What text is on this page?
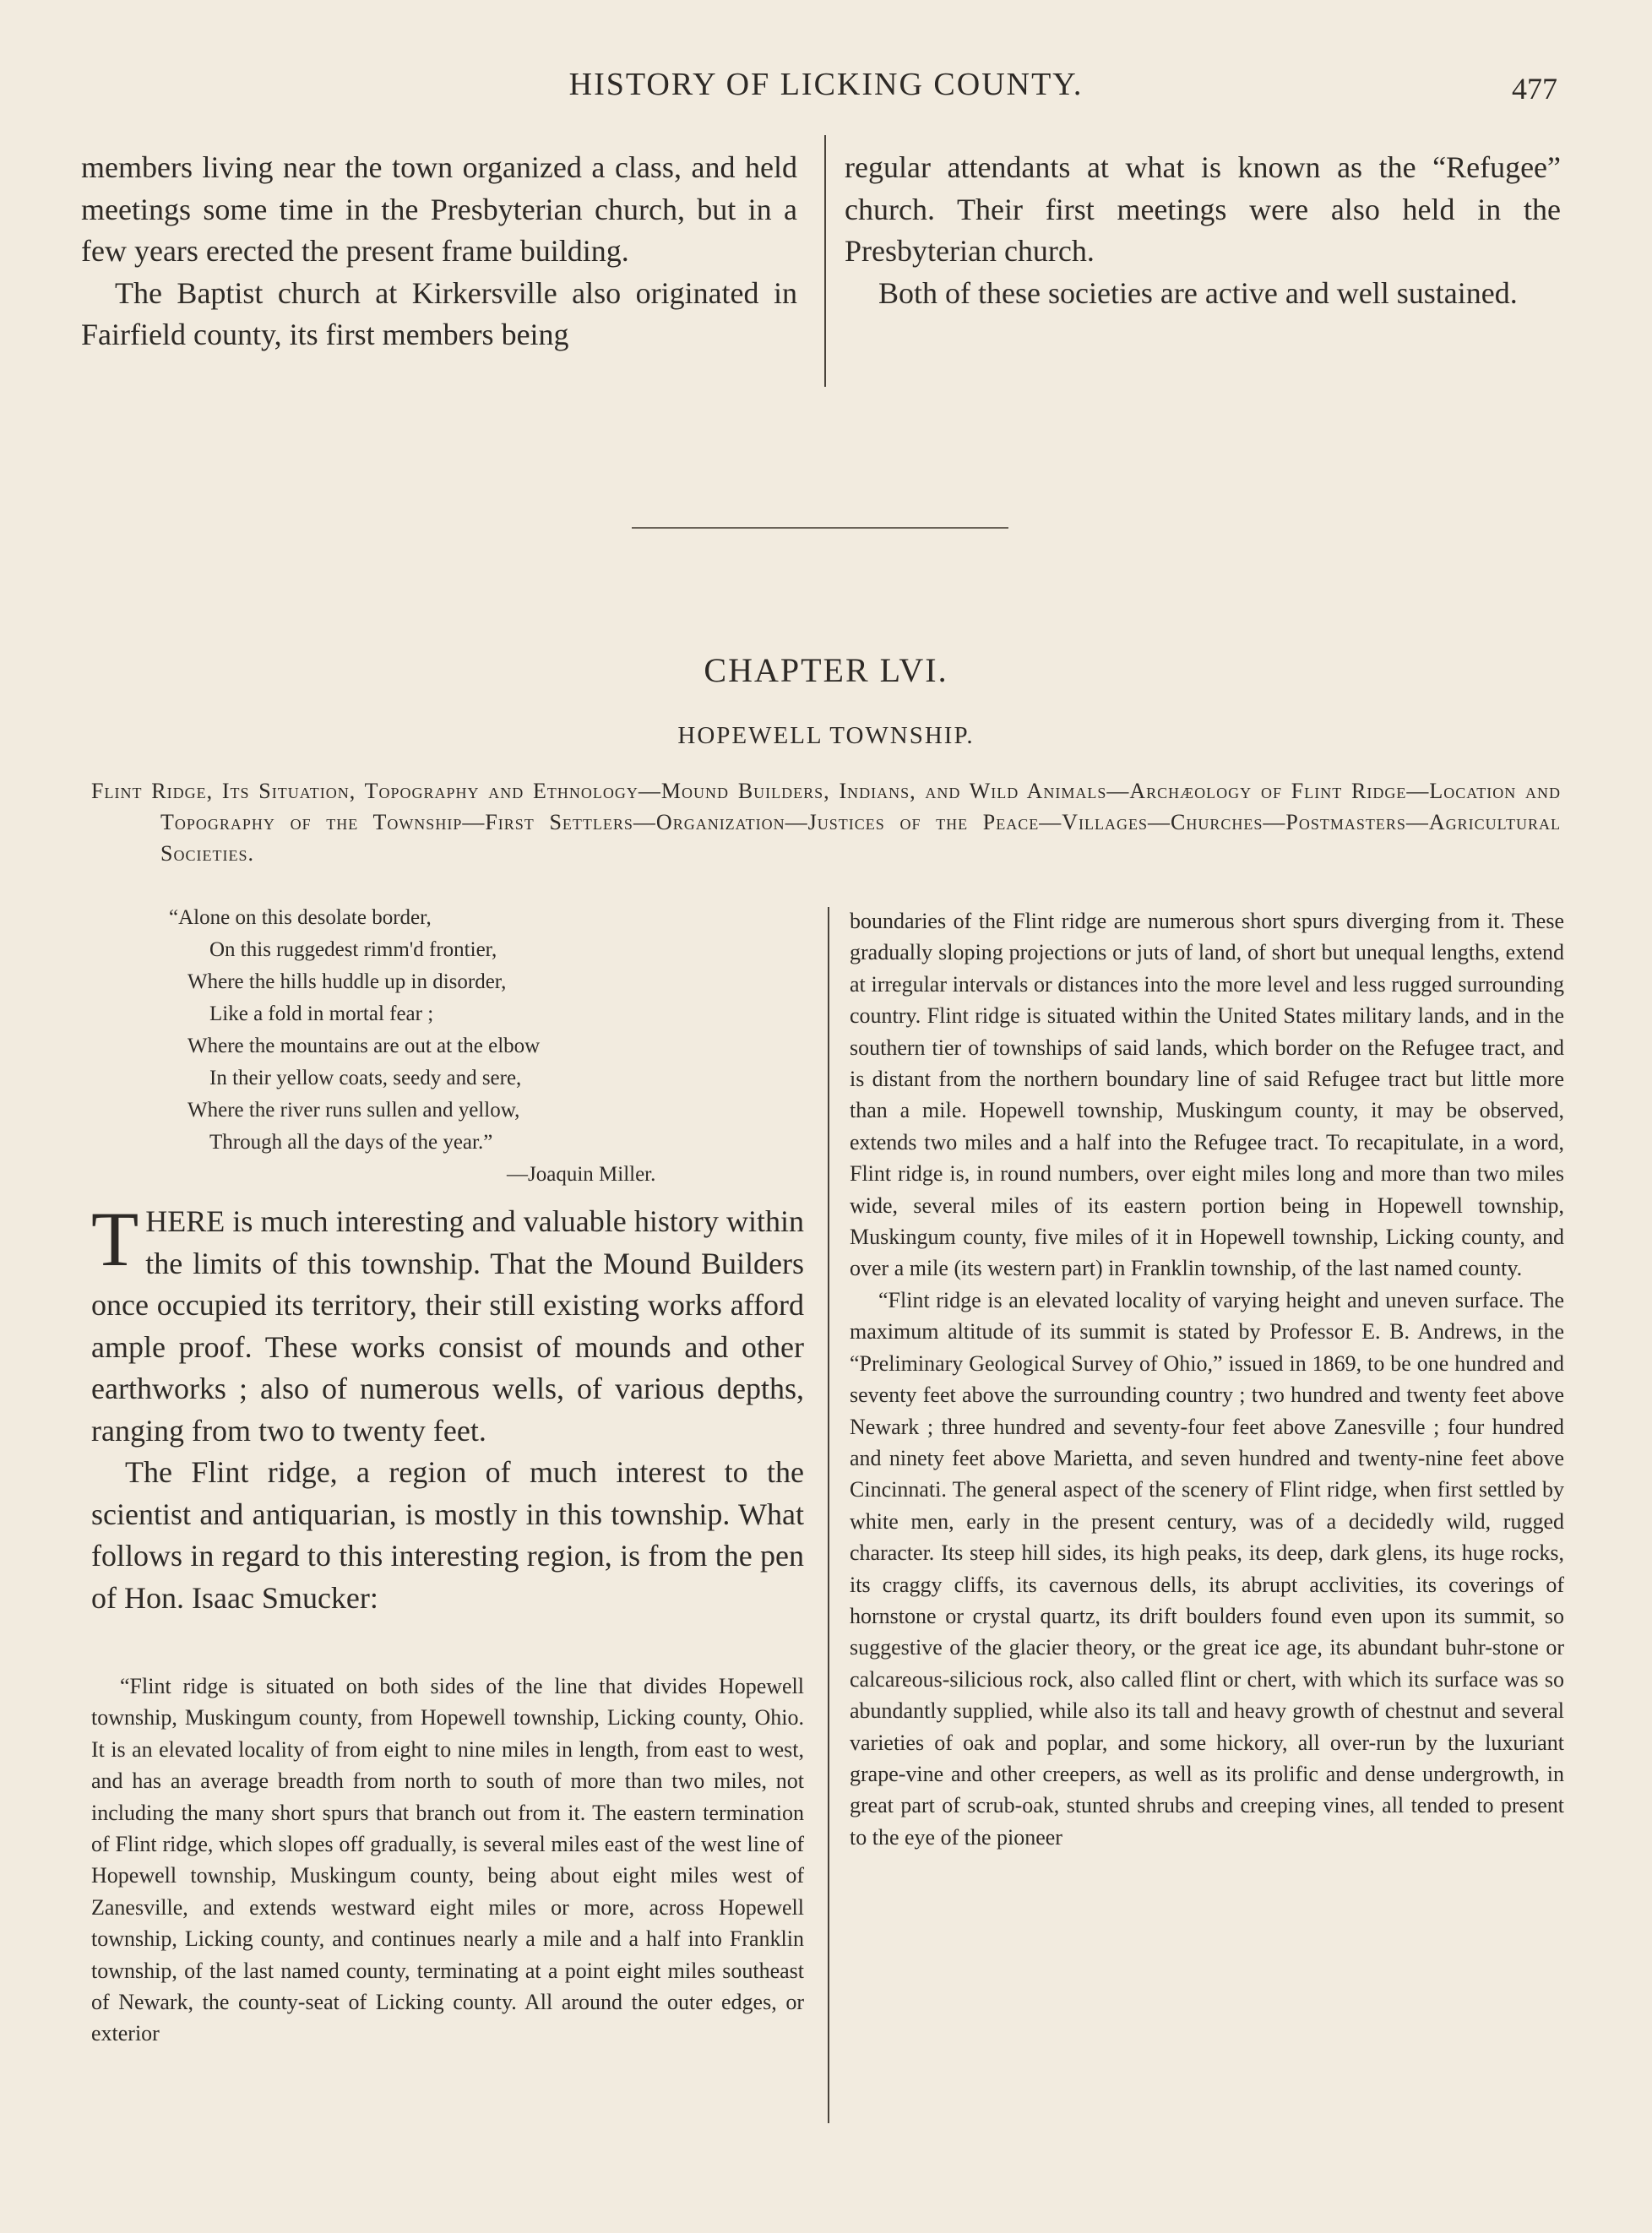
HISTORY OF LICKING COUNTY.	477

members living near the town organized a class, and held meetings some time in the Presbyterian church, but in a few years erected the present frame building.

The Baptist church at Kirkersville also originated in Fairfield county, its first members being

regular attendants at what is known as the “Refugee” church. Their first meetings were also held in the Presbyterian church.

Both of these societies are active and well sustained.

CHAPTER LVI.
HOPEWELL TOWNSHIP.

Flint Ridge, Its Situation, Topography and Ethnology—Mound Builders, Indians, and Wild Animals—Archæology of Flint Ridge—Location and Topography of the Township—First Settlers—Organization—Justices of the Peace—Villages—Churches—Postmasters—Agricultural Societies.

“Alone on this desolate border,
On this ruggedest rimm'd frontier,
Where the hills huddle up in disorder,
Like a fold in mortal fear ;
Where the mountains are out at the elbow
In their yellow coats, seedy and sere,
Where the river runs sullen and yellow,
Through all the days of the year.”
—Joaquin Miller.

THERE is much interesting and valuable history within the limits of this township. That the Mound Builders once occupied its territory, their still existing works afford ample proof. These works consist of mounds and other earthworks ; also of numerous wells, of various depths, ranging from two to twenty feet.

The Flint ridge, a region of much interest to the scientist and antiquarian, is mostly in this township. What follows in regard to this interesting region, is from the pen of Hon. Isaac Smucker:

“Flint ridge is situated on both sides of the line that divides Hopewell township, Muskingum county, from Hopewell township, Licking county, Ohio. It is an elevated locality of from eight to nine miles in length, from east to west, and has an average breadth from north to south of more than two miles, not including the many short spurs that branch out from it. The eastern termination of Flint ridge, which slopes off gradually, is several miles east of the west line of Hopewell township, Muskingum county, being about eight miles west of Zanesville, and extends westward eight miles or more, across Hopewell township, Licking county, and continues nearly a mile and a half into Franklin township, of the last named county, terminating at a point eight miles southeast of Newark, the county-seat of Licking county. All around the outer edges, or exterior

boundaries of the Flint ridge are numerous short spurs diverging from it. These gradually sloping projections or juts of land, of short but unequal lengths, extend at irregular intervals or distances into the more level and less rugged surrounding country. Flint ridge is situated within the United States military lands, and in the southern tier of townships of said lands, which border on the Refugee tract, and is distant from the northern boundary line of said Refugee tract but little more than a mile. Hopewell township, Muskingum county, it may be observed, extends two miles and a half into the Refugee tract. To recapitulate, in a word, Flint ridge is, in round numbers, over eight miles long and more than two miles wide, several miles of its eastern portion being in Hopewell township, Muskingum county, five miles of it in Hopewell township, Licking county, and over a mile (its western part) in Franklin township, of the last named county.

“Flint ridge is an elevated locality of varying height and uneven surface. The maximum altitude of its summit is stated by Professor E. B. Andrews, in the “Preliminary Geological Survey of Ohio,” issued in 1869, to be one hundred and seventy feet above the surrounding country ; two hundred and twenty feet above Newark ; three hundred and seventy-four feet above Zanesville ; four hundred and ninety feet above Marietta, and seven hundred and twenty-nine feet above Cincinnati. The general aspect of the scenery of Flint ridge, when first settled by white men, early in the present century, was of a decidedly wild, rugged character. Its steep hill sides, its high peaks, its deep, dark glens, its huge rocks, its craggy cliffs, its cavernous dells, its abrupt acclivities, its coverings of hornstone or crystal quartz, its drift boulders found even upon its summit, so suggestive of the glacier theory, or the great ice age, its abundant buhr-stone or calcareous-silicious rock, also called flint or chert, with which its surface was so abundantly supplied, while also its tall and heavy growth of chestnut and several varieties of oak and poplar, and some hickory, all over-run by the luxuriant grape-vine and other creepers, as well as its prolific and dense undergrowth, in great part of scrub-oak, stunted shrubs and creeping vines, all tended to present to the eye of the pioneer
